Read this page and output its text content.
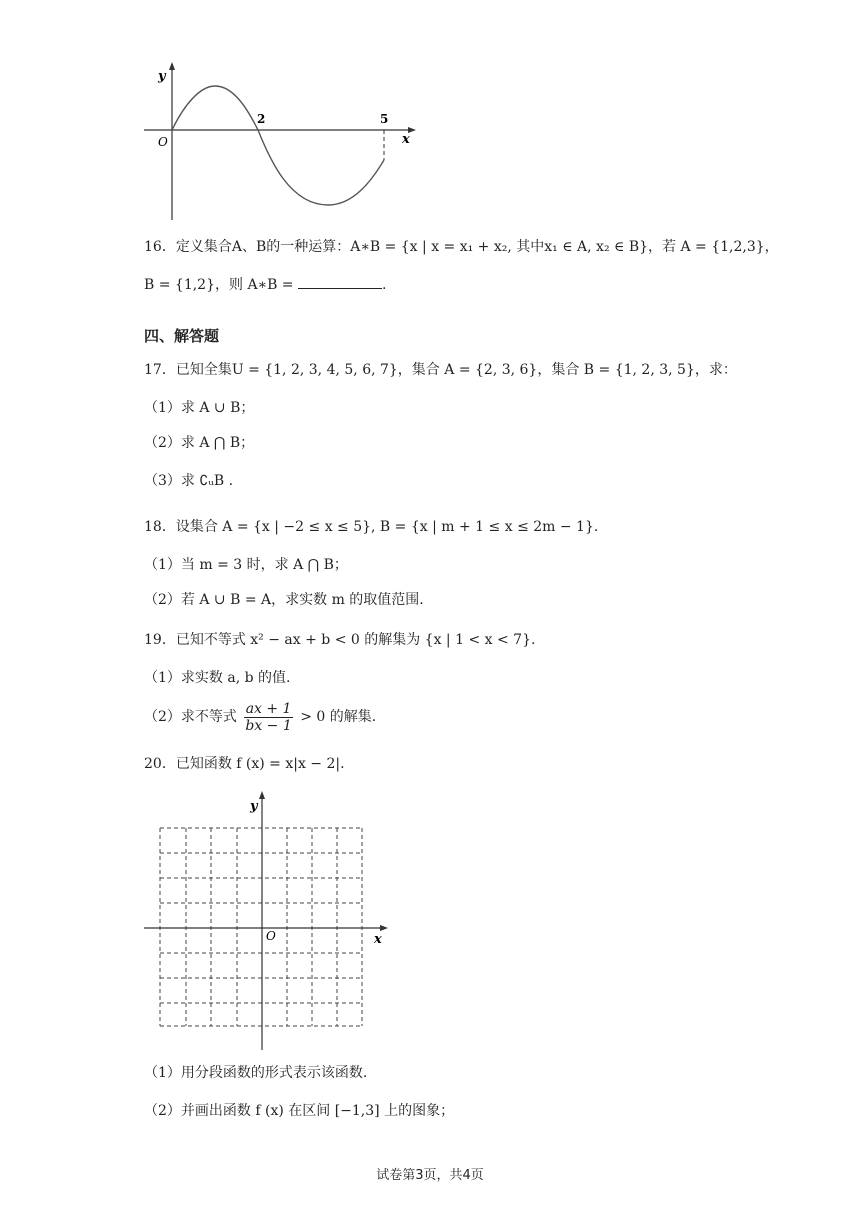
y
O
2	5
x
16．定义集合A、B的一种运算：A∗B = {x | x = x₁ + x₂, 其中x₁ ∈ A, x₂ ∈ B}，若 A = {1,2,3}，
B = {1,2}，则 A∗B =	.
四、解答题
17．已知全集U = {1, 2, 3, 4, 5, 6, 7}，集合 A = {2, 3, 6}，集合 B = {1, 2, 3, 5}，求：
（1）求 A ∪ B；
（2）求 A ⋂ B；
（3）求 ∁ᵤB .
18．设集合 A = {x | −2 ≤ x ≤ 5}, B = {x | m + 1 ≤ x ≤ 2m − 1}.
（1）当 m = 3 时，求 A ⋂ B；
（2）若 A ∪ B = A，求实数 m 的取值范围.
19．已知不等式 x² − ax + b < 0 的解集为 {x | 1 < x < 7}.
（1）求实数 a, b 的值.
（2）求不等式 $\frac{ax + 1}{bx - 1} > 0$ 的解集.
20．已知函数 f (x) = x|x − 2|.
y
O	x
（1）用分段函数的形式表示该函数.
（2）并画出函数 f (x) 在区间 [−1,3] 上的图象；
试卷第3页，共4页
